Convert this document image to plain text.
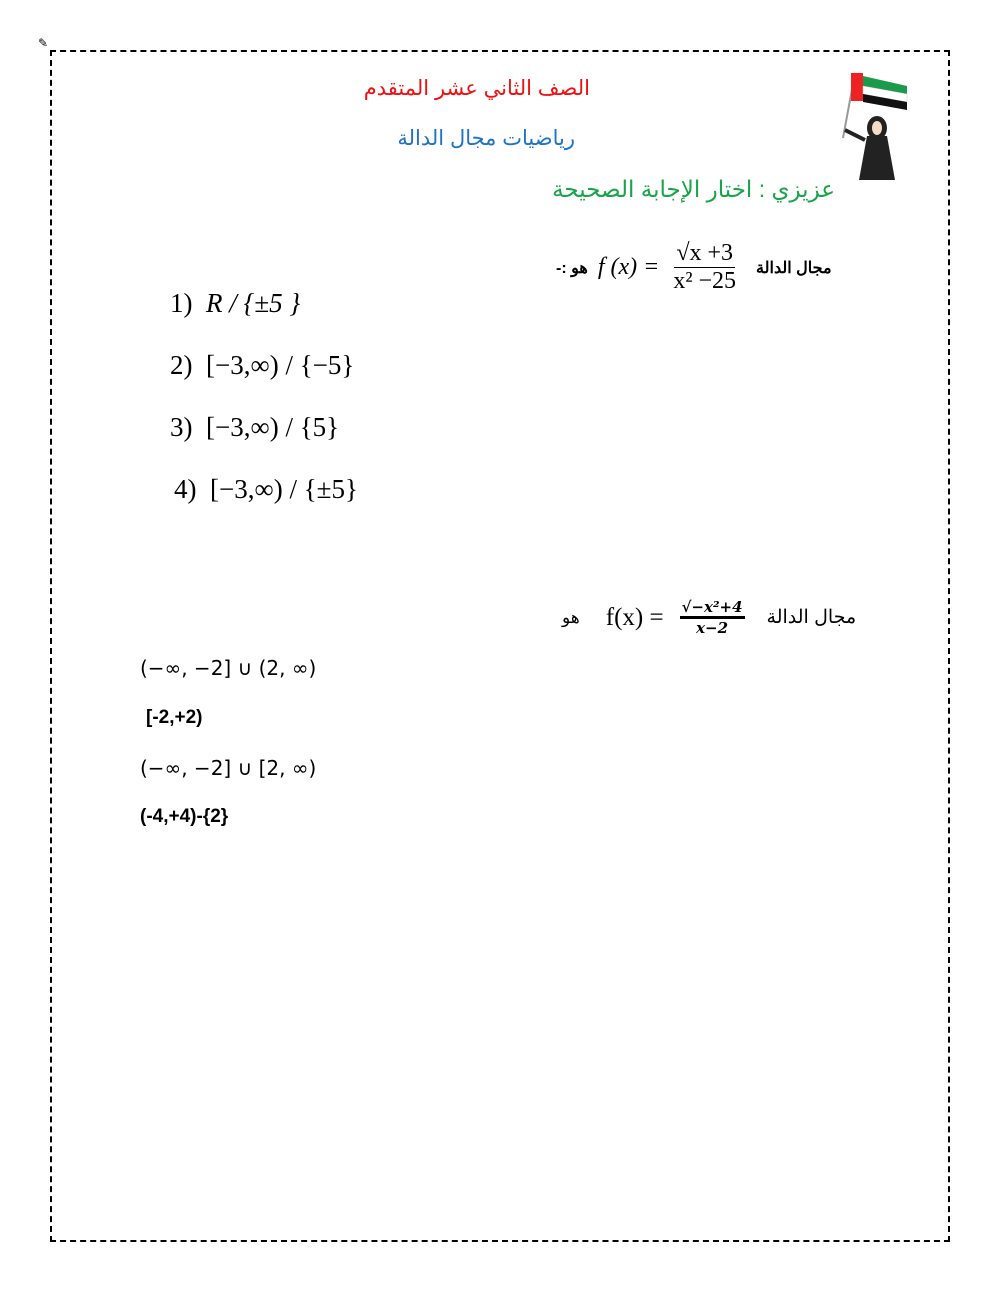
✎
الصف الثاني عشر المتقدم
رياضيات مجال الدالة
عزيزي : اختار الإجابة الصحيحة
هو :- f $(x) = \frac{√x +3}{\text{x² −25}}$ مجال الدالة
1) R / {±5 }
2) [−3,∞) / {−5}
3) [−3,∞) / {5}
4) [−3,∞) / {±5}
هو $f(x) = \frac{\text{√−x²+4}}{x-2}$ مجال الدالة
(−∞, −2] ∪ (2, ∞)
[-2,+2)
(−∞, −2] ∪ [2, ∞)
(-4,+4)-{2}
